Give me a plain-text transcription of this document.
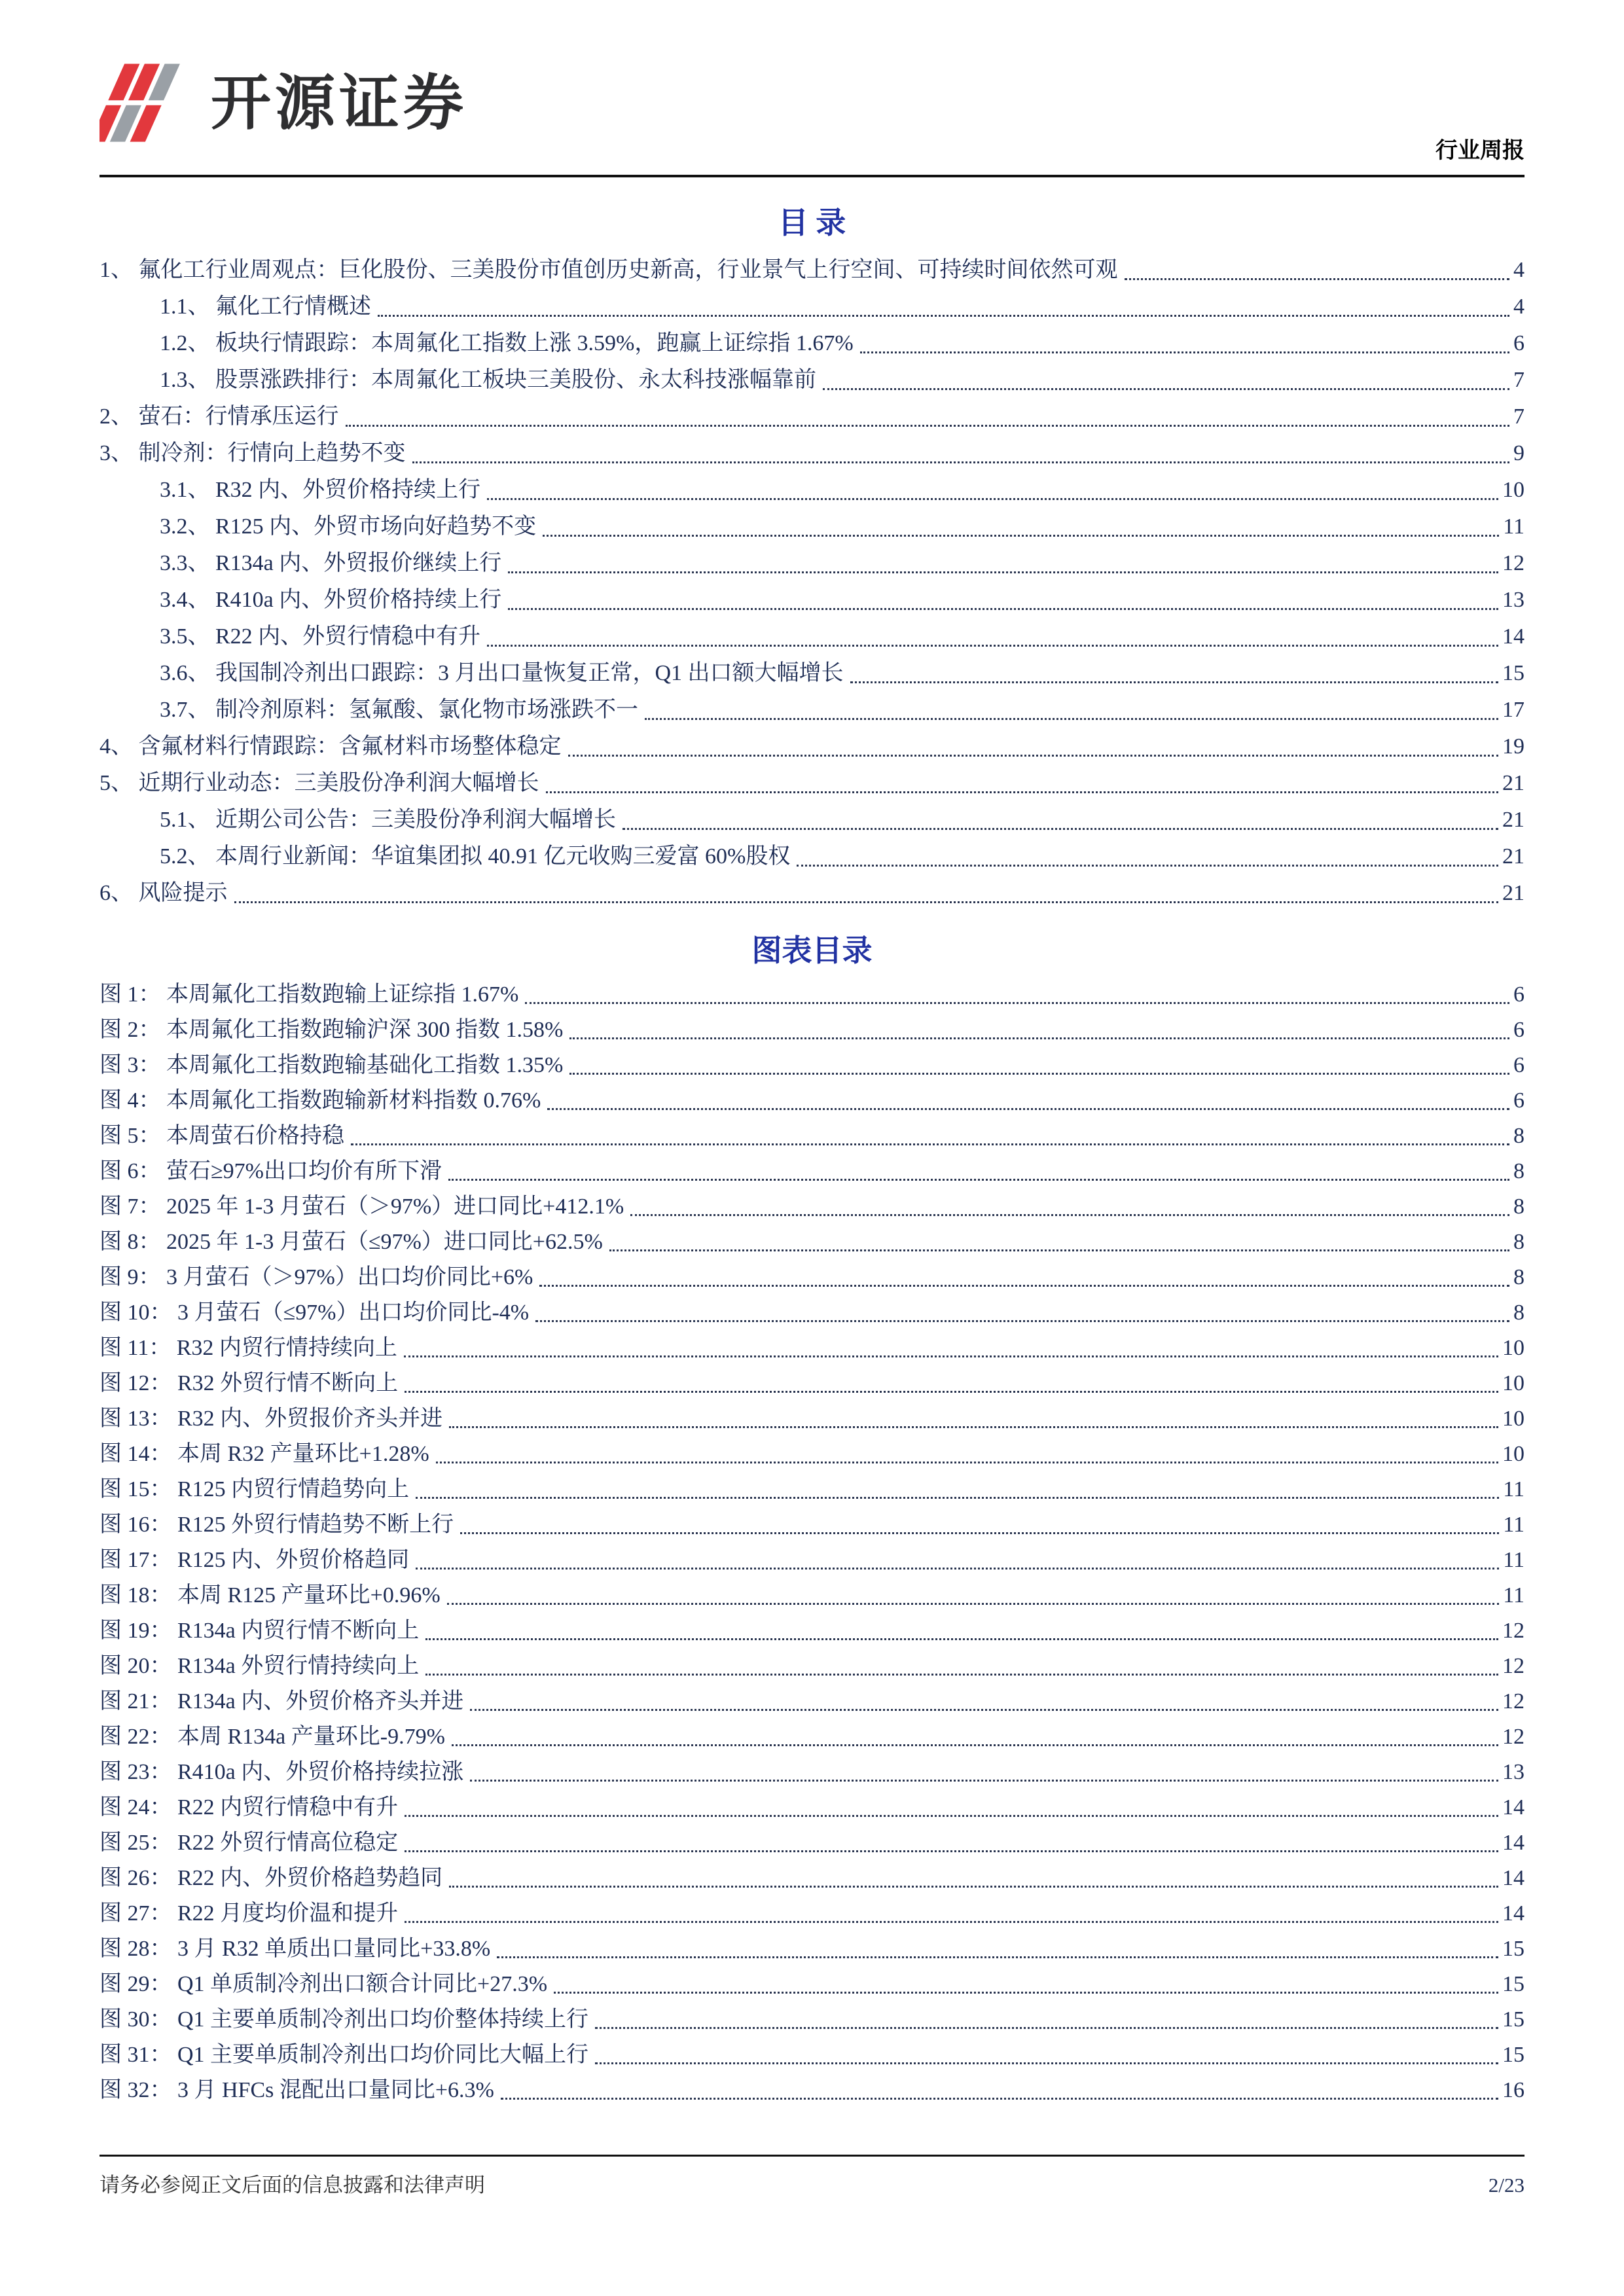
开源证券
行业周报
目 录
1、 氟化工行业周观点：巨化股份、三美股份市值创历史新高，行业景气上行空间、可持续时间依然可观	4
1.1、 氟化工行情概述	4
1.2、 板块行情跟踪：本周氟化工指数上涨 3.59%，跑赢上证综指 1.67%	6
1.3、 股票涨跌排行：本周氟化工板块三美股份、永太科技涨幅靠前	7
2、 萤石：行情承压运行	7
3、 制冷剂：行情向上趋势不变	9
3.1、 R32 内、外贸价格持续上行	10
3.2、 R125 内、外贸市场向好趋势不变	11
3.3、 R134a 内、外贸报价继续上行	12
3.4、 R410a 内、外贸价格持续上行	13
3.5、 R22 内、外贸行情稳中有升	14
3.6、 我国制冷剂出口跟踪：3 月出口量恢复正常，Q1 出口额大幅增长	15
3.7、 制冷剂原料：氢氟酸、氯化物市场涨跌不一	17
4、 含氟材料行情跟踪：含氟材料市场整体稳定	19
5、 近期行业动态：三美股份净利润大幅增长	21
5.1、 近期公司公告：三美股份净利润大幅增长	21
5.2、 本周行业新闻：华谊集团拟 40.91 亿元收购三爱富 60%股权	21
6、 风险提示	21
图表目录
图 1： 本周氟化工指数跑输上证综指 1.67%	6
图 2： 本周氟化工指数跑输沪深 300 指数 1.58%	6
图 3： 本周氟化工指数跑输基础化工指数 1.35%	6
图 4： 本周氟化工指数跑输新材料指数 0.76%	6
图 5： 本周萤石价格持稳	8
图 6： 萤石≥97%出口均价有所下滑	8
图 7： 2025 年 1-3 月萤石（＞97%）进口同比+412.1%	8
图 8： 2025 年 1-3 月萤石（≤97%）进口同比+62.5%	8
图 9： 3 月萤石（＞97%）出口均价同比+6%	8
图 10： 3 月萤石（≤97%）出口均价同比-4%	8
图 11： R32 内贸行情持续向上	10
图 12： R32 外贸行情不断向上	10
图 13： R32 内、外贸报价齐头并进	10
图 14： 本周 R32 产量环比+1.28%	10
图 15： R125 内贸行情趋势向上	11
图 16： R125 外贸行情趋势不断上行	11
图 17： R125 内、外贸价格趋同	11
图 18： 本周 R125 产量环比+0.96%	11
图 19： R134a 内贸行情不断向上	12
图 20： R134a 外贸行情持续向上	12
图 21： R134a 内、外贸价格齐头并进	12
图 22： 本周 R134a 产量环比-9.79%	12
图 23： R410a 内、外贸价格持续拉涨	13
图 24： R22 内贸行情稳中有升	14
图 25： R22 外贸行情高位稳定	14
图 26： R22 内、外贸价格趋势趋同	14
图 27： R22 月度均价温和提升	14
图 28： 3 月 R32 单质出口量同比+33.8%	15
图 29： Q1 单质制冷剂出口额合计同比+27.3%	15
图 30： Q1 主要单质制冷剂出口均价整体持续上行	15
图 31： Q1 主要单质制冷剂出口均价同比大幅上行	15
图 32： 3 月 HFCs 混配出口量同比+6.3%	16
请务必参阅正文后面的信息披露和法律声明	2/23
